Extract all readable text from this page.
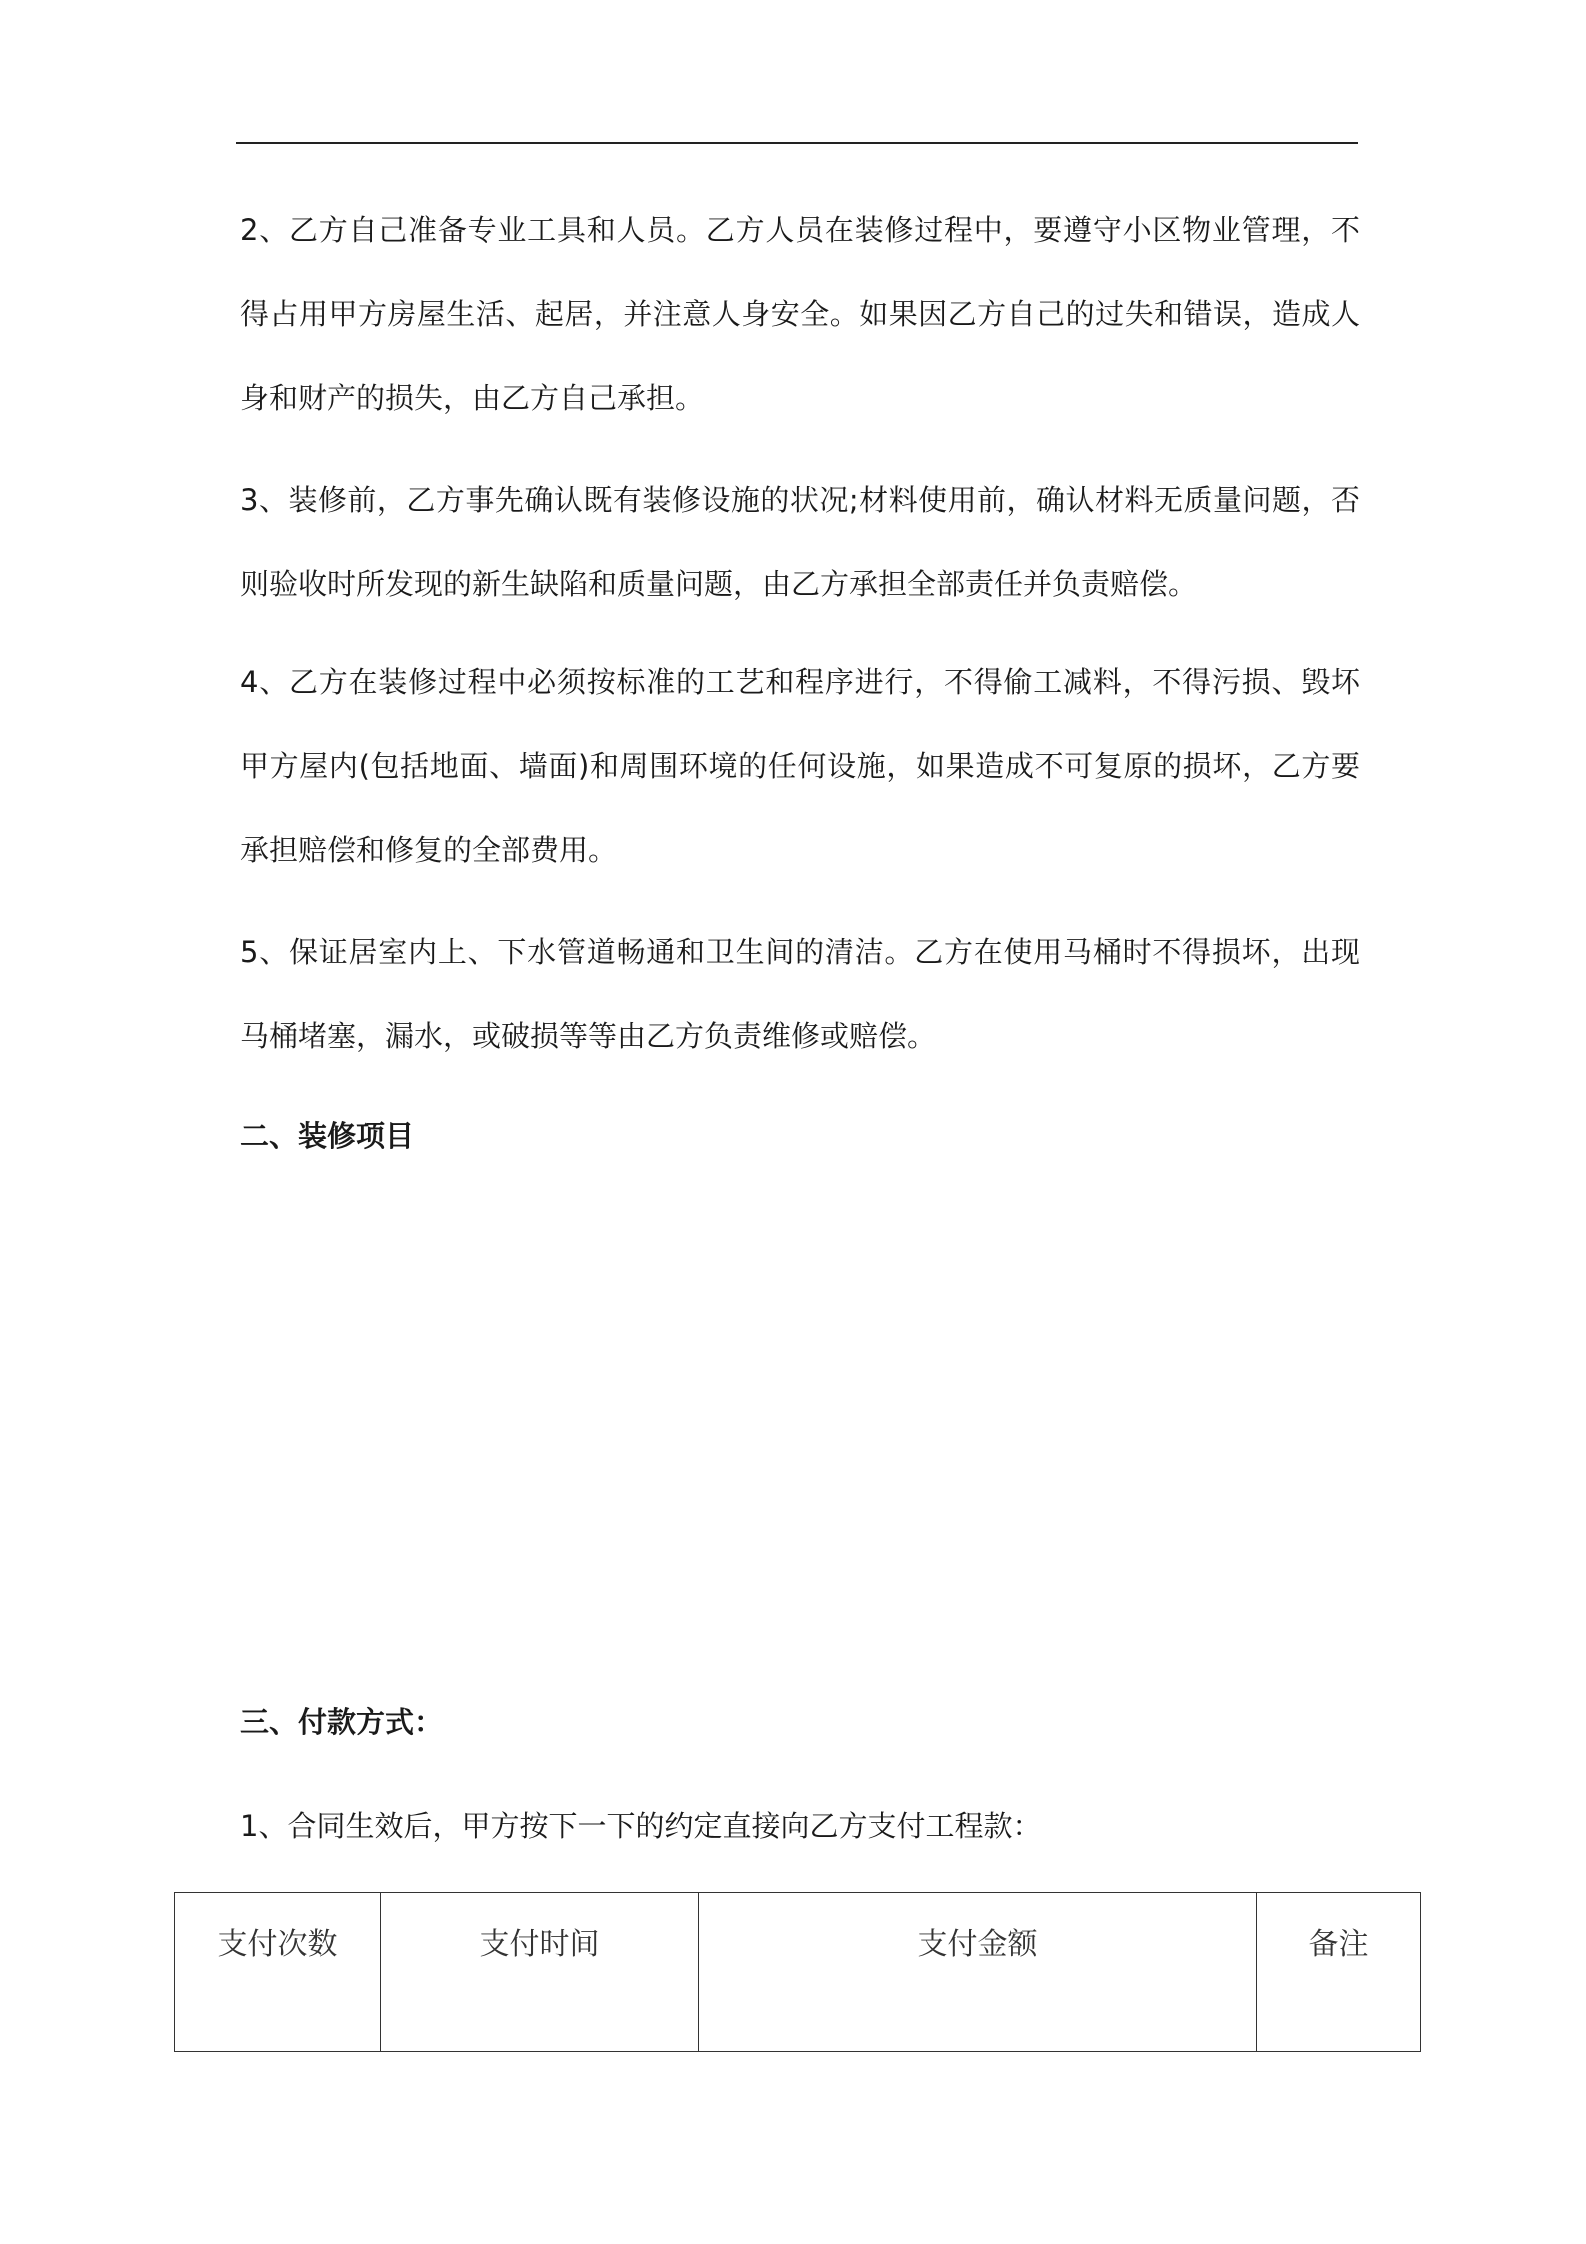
2、乙方自己准备专业工具和人员。乙方人员在装修过程中，要遵守小区物业管理，不得占用甲方房屋生活、起居，并注意人身安全。如果因乙方自己的过失和错误，造成人身和财产的损失，由乙方自己承担。

3、装修前，乙方事先确认既有装修设施的状况;材料使用前，确认材料无质量问题，否则验收时所发现的新生缺陷和质量问题，由乙方承担全部责任并负责赔偿。

4、乙方在装修过程中必须按标准的工艺和程序进行，不得偷工减料，不得污损、毁坏甲方屋内(包括地面、墙面)和周围环境的任何设施，如果造成不可复原的损坏，乙方要承担赔偿和修复的全部费用。

5、保证居室内上、下水管道畅通和卫生间的清洁。乙方在使用马桶时不得损坏，出现马桶堵塞，漏水，或破损等等由乙方负责维修或赔偿。

二、装修项目
三、付款方式：

1、合同生效后，甲方按下一下的约定直接向乙方支付工程款：

支付次数	支付时间	支付金额	备注
